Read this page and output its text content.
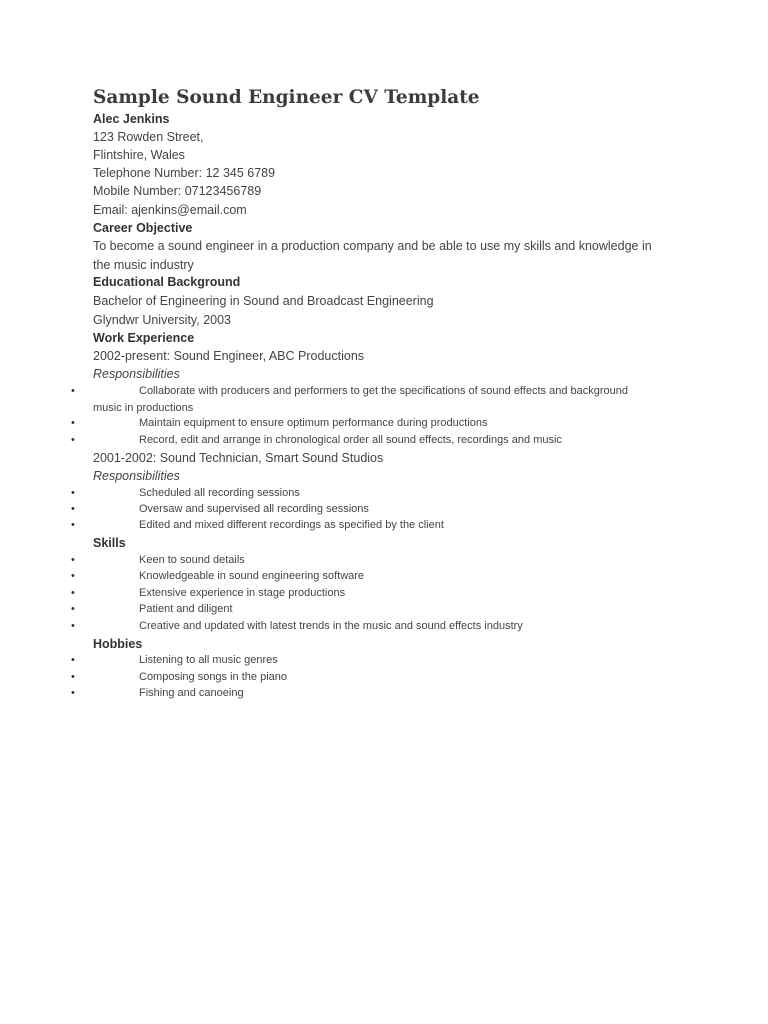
Sample Sound Engineer CV Template
Alec Jenkins
123 Rowden Street,
Flintshire, Wales
Telephone Number: 12 345 6789
Mobile Number: 07123456789
Email: ajenkins@email.com
Career Objective
To become a sound engineer in a production company and be able to use my skills and knowledge in
the music industry
Educational Background
Bachelor of Engineering in Sound and Broadcast Engineering
Glyndwr University, 2003
Work Experience
2002-present: Sound Engineer, ABC Productions
Responsibilities
•	Collaborate with producers and performers to get the specifications of sound effects and background
music in productions
•	Maintain equipment to ensure optimum performance during productions
•	Record, edit and arrange in chronological order all sound effects, recordings and music
2001-2002: Sound Technician, Smart Sound Studios
Responsibilities
•	Scheduled all recording sessions
•	Oversaw and supervised all recording sessions
•	Edited and mixed different recordings as specified by the client
Skills
•	Keen to sound details
•	Knowledgeable in sound engineering software
•	Extensive experience in stage productions
•	Patient and diligent
•	Creative and updated with latest trends in the music and sound effects industry
Hobbies
•	Listening to all music genres
•	Composing songs in the piano
•	Fishing and canoeing
